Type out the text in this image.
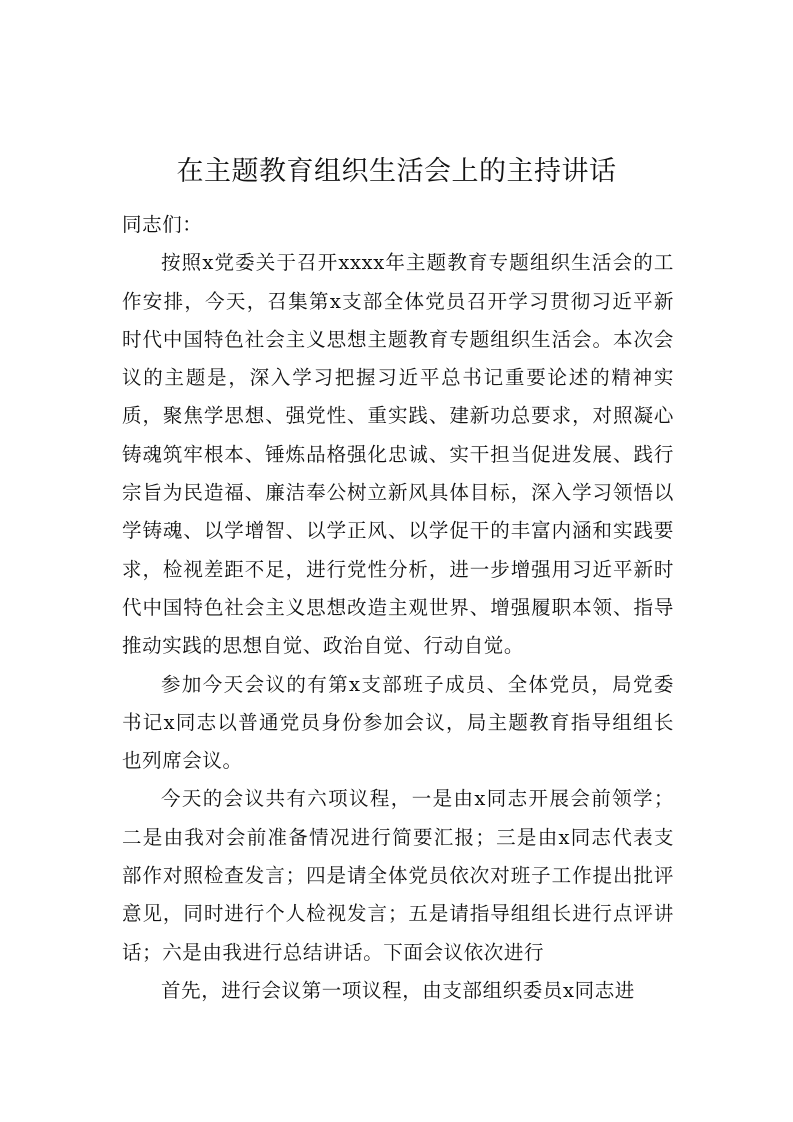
在主题教育组织生活会上的主持讲话

同志们：

按照x党委关于召开xxxx年主题教育专题组织生活会的工作安排，今天，召集第x支部全体党员召开学习贯彻习近平新时代中国特色社会主义思想主题教育专题组织生活会。本次会议的主题是，深入学习把握习近平总书记重要论述的精神实质，聚焦学思想、强党性、重实践、建新功总要求，对照凝心铸魂筑牢根本、锤炼品格强化忠诚、实干担当促进发展、践行宗旨为民造福、廉洁奉公树立新风具体目标，深入学习领悟以学铸魂、以学增智、以学正风、以学促干的丰富内涵和实践要求，检视差距不足，进行党性分析，进一步增强用习近平新时代中国特色社会主义思想改造主观世界、增强履职本领、指导推动实践的思想自觉、政治自觉、行动自觉。

参加今天会议的有第x支部班子成员、全体党员，局党委书记x同志以普通党员身份参加会议，局主题教育指导组组长也列席会议。

今天的会议共有六项议程，一是由x同志开展会前领学；二是由我对会前准备情况进行简要汇报；三是由x同志代表支部作对照检查发言；四是请全体党员依次对班子工作提出批评意见，同时进行个人检视发言；五是请指导组组长进行点评讲话；六是由我进行总结讲话。下面会议依次进行

首先，进行会议第一项议程，由支部组织委员x同志进
